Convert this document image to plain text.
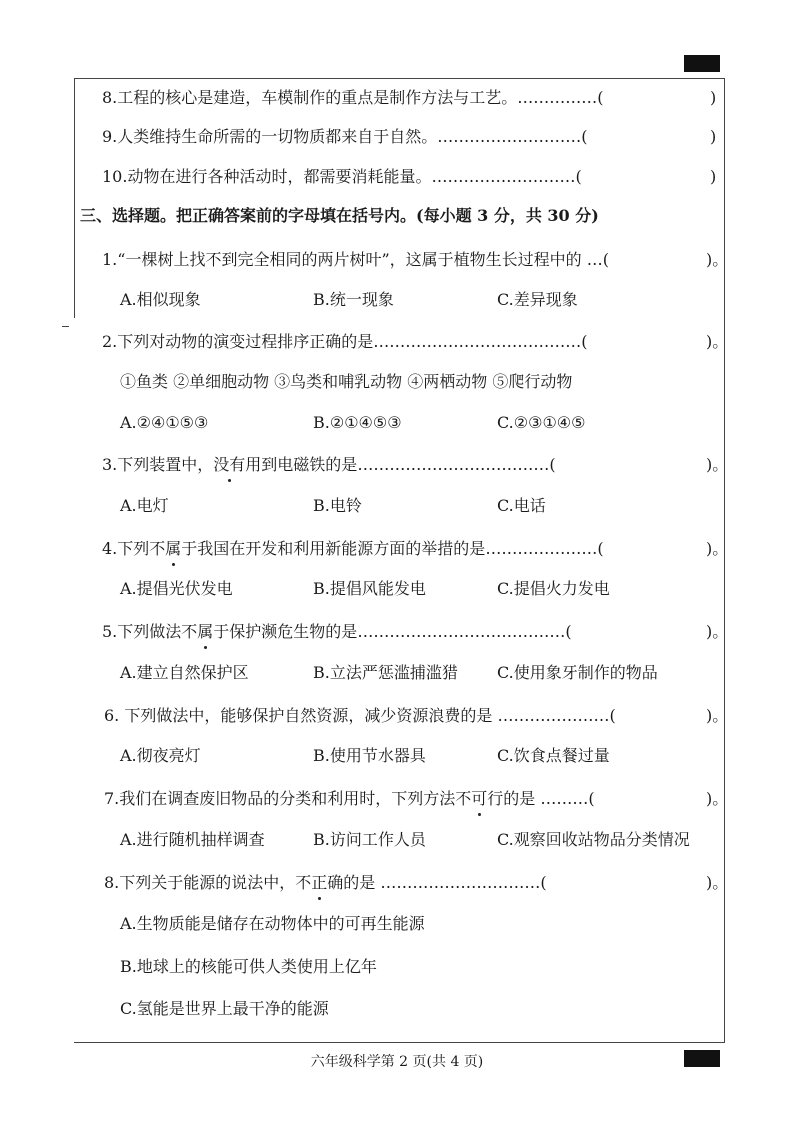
8.工程的核心是建造，车模制作的重点是制作方法与工艺。……………(	)
9.人类维持生命所需的一切物质都来自于自然。………………………(	)
10.动物在进行各种活动时，都需要消耗能量。………………………(	)
三、选择题。把正确答案前的字母填在括号内。(每小题 3 分，共 30 分)
1.“一棵树上找不到完全相同的两片树叶”，这属于植物生长过程中的 …(	)。
A.相似现象	B.统一现象	C.差异现象
2.下列对动物的演变过程排序正确的是…………………………………(	)。
①鱼类 ②单细胞动物 ③鸟类和哺乳动物 ④两栖动物 ⑤爬行动物
A.②④①⑤③	B.②①④⑤③	C.②③①④⑤
3.下列装置中，没有用到电磁铁的是………………………………(	)。
A.电灯	B.电铃	C.电话
4.下列不属于我国在开发和利用新能源方面的举措的是…………………(	)。
A.提倡光伏发电	B.提倡风能发电	C.提倡火力发电
5.下列做法不属于保护濒危生物的是…………………………………(	)。
A.建立自然保护区	B.立法严惩滥捕滥猎 C.使用象牙制作的物品
6. 下列做法中，能够保护自然资源，减少资源浪费的是 …………………(	)。
A.彻夜亮灯	B.使用节水器具	C.饮食点餐过量
7.我们在调查废旧物品的分类和利用时，下列方法不可行的是 ………(	)。
A.进行随机抽样调查	B.访问工作人员	C.观察回收站物品分类情况
8.下列关于能源的说法中，不正确的是 …………………………(	)。
A.生物质能是储存在动物体中的可再生能源
B.地球上的核能可供人类使用上亿年
C.氢能是世界上最干净的能源
六年级科学第 2 页(共 4 页)
